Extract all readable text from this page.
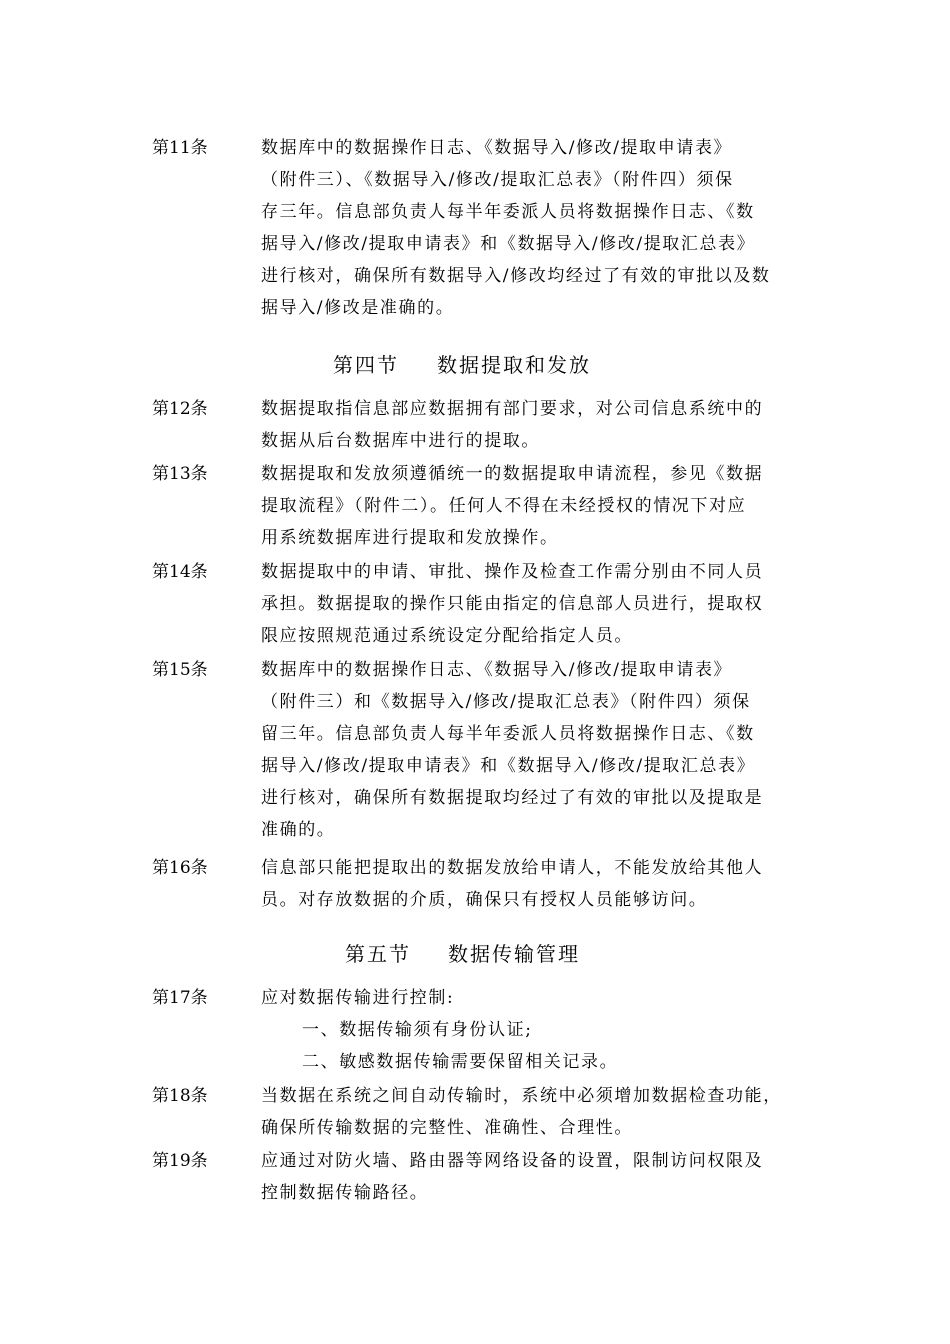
第11条	数据库中的数据操作日志、《数据导入/修改/提取申请表》
（附件三）、《数据导入/修改/提取汇总表》（附件四）须保
存三年。信息部负责人每半年委派人员将数据操作日志、《数
据导入/修改/提取申请表》和《数据导入/修改/提取汇总表》
进行核对，确保所有数据导入/修改均经过了有效的审批以及数
据导入/修改是准确的。
第四节 数据提取和发放
第12条	数据提取指信息部应数据拥有部门要求，对公司信息系统中的
数据从后台数据库中进行的提取。
第13条	数据提取和发放须遵循统一的数据提取申请流程，参见《数据
提取流程》（附件二）。任何人不得在未经授权的情况下对应
用系统数据库进行提取和发放操作。
第14条	数据提取中的申请、审批、操作及检查工作需分别由不同人员
承担。数据提取的操作只能由指定的信息部人员进行，提取权
限应按照规范通过系统设定分配给指定人员。
第15条	数据库中的数据操作日志、《数据导入/修改/提取申请表》
（附件三）和《数据导入/修改/提取汇总表》（附件四）须保
留三年。信息部负责人每半年委派人员将数据操作日志、《数
据导入/修改/提取申请表》和《数据导入/修改/提取汇总表》
进行核对，确保所有数据提取均经过了有效的审批以及提取是
准确的。
第16条	信息部只能把提取出的数据发放给申请人，不能发放给其他人
员。对存放数据的介质，确保只有授权人员能够访问。
第五节 数据传输管理
第17条	应对数据传输进行控制:
一、数据传输须有身份认证;
二、敏感数据传输需要保留相关记录。
第18条	当数据在系统之间自动传输时，系统中必须增加数据检查功能，
确保所传输数据的完整性、准确性、合理性。
第19条	应通过对防火墙、路由器等网络设备的设置，限制访问权限及
控制数据传输路径。
